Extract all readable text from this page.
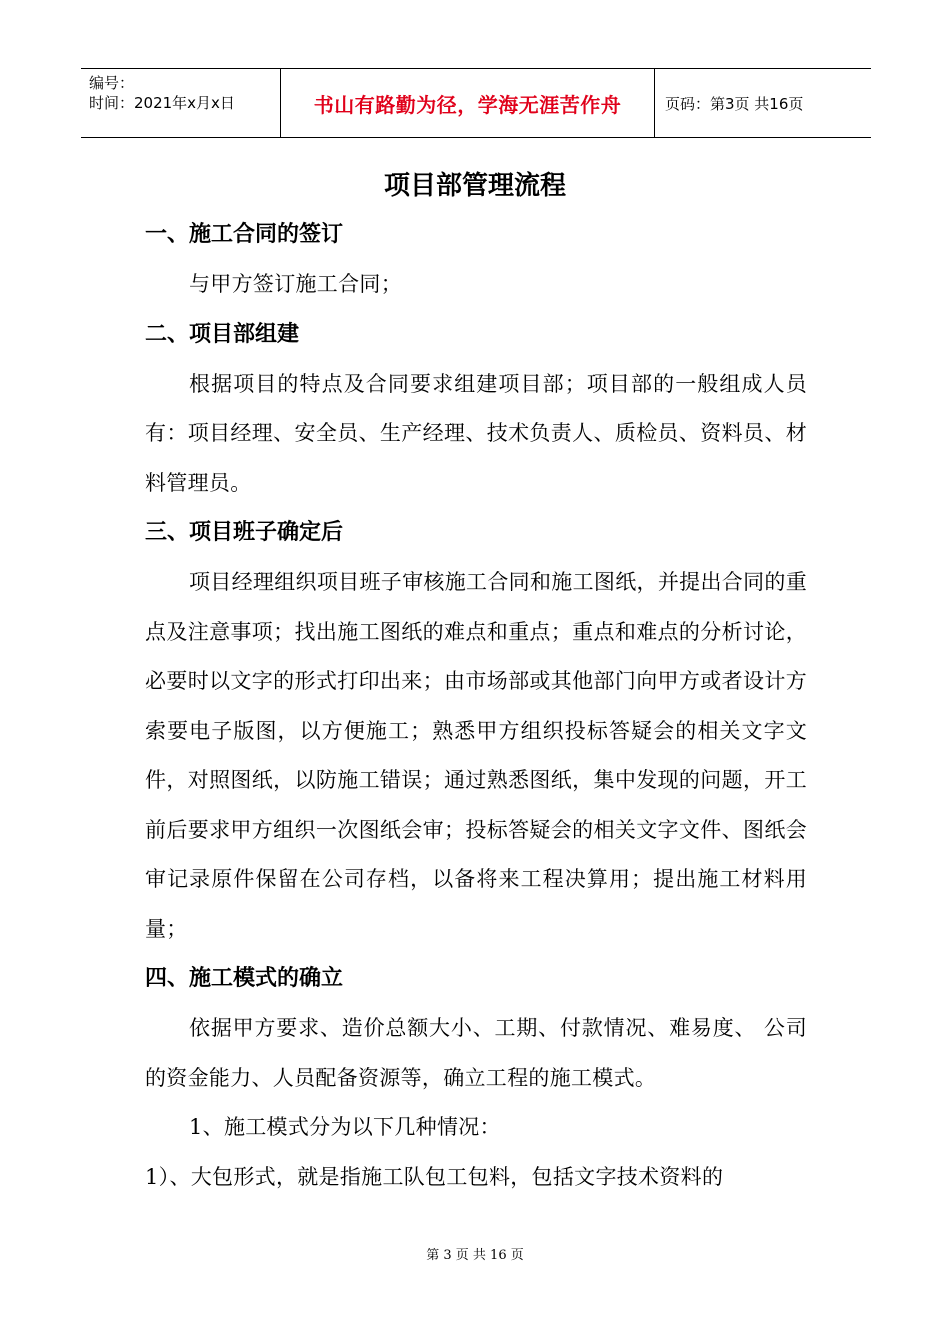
编号：
时间：2021年x月x日	书山有路勤为径，学海无涯苦作舟	页码：第3页 共16页
项目部管理流程
一、施工合同的签订

与甲方签订施工合同；

二、项目部组建

根据项目的特点及合同要求组建项目部；项目部的一般组成人员有：项目经理、安全员、生产经理、技术负责人、质检员、资料员、材料管理员。

三、项目班子确定后

项目经理组织项目班子审核施工合同和施工图纸，并提出合同的重点及注意事项；找出施工图纸的难点和重点；重点和难点的分析讨论，必要时以文字的形式打印出来；由市场部或其他部门向甲方或者设计方索要电子版图，以方便施工；熟悉甲方组织投标答疑会的相关文字文件，对照图纸，以防施工错误；通过熟悉图纸，集中发现的问题，开工前后要求甲方组织一次图纸会审；投标答疑会的相关文字文件、图纸会审记录原件保留在公司存档，以备将来工程决算用；提出施工材料用量；

四、施工模式的确立

依据甲方要求、造价总额大小、工期、付款情况、难易度、 公司的资金能力、人员配备资源等，确立工程的施工模式。

1、施工模式分为以下几种情况：

1）、大包形式，就是指施工队包工包料，包括文字技术资料的

第 3 页 共 16 页
